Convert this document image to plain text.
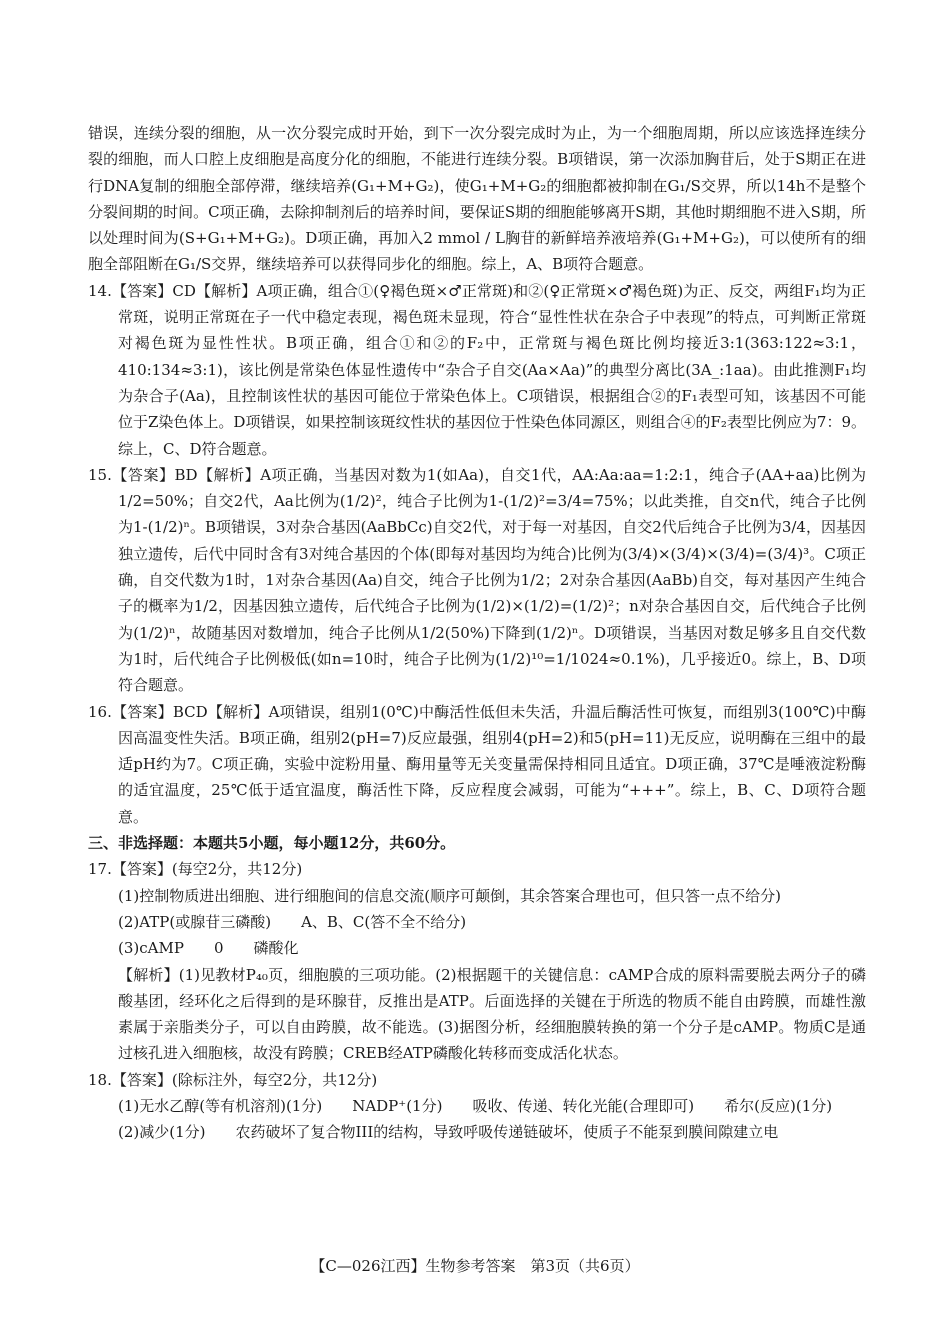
错误，连续分裂的细胞，从一次分裂完成时开始，到下一次分裂完成时为止，为一个细胞周期，所以应该选择连续分裂的细胞，而人口腔上皮细胞是高度分化的细胞，不能进行连续分裂。B项错误，第一次添加胸苷后，处于S期正在进行DNA复制的细胞全部停滞，继续培养(G₁+M+G₂)，使G₁+M+G₂的细胞都被抑制在G₁/S交界，所以14h不是整个分裂间期的时间。C项正确，去除抑制剂后的培养时间，要保证S期的细胞能够离开S期，其他时期细胞不进入S期，所以处理时间为(S+G₁+M+G₂)。D项正确，再加入2 mmol / L胸苷的新鲜培养液培养(G₁+M+G₂)，可以使所有的细胞全部阻断在G₁/S交界，继续培养可以获得同步化的细胞。综上，A、B项符合题意。

14.【答案】CD【解析】A项正确，组合①(♀褐色斑×♂正常斑)和②(♀正常斑×♂褐色斑)为正、反交，两组F₁均为正常斑，说明正常斑在子一代中稳定表现，褐色斑未显现，符合“显性性状在杂合子中表现”的特点，可判断正常斑对褐色斑为显性性状。B项正确，组合①和②的F₂中，正常斑与褐色斑比例均接近3:1(363:122≈3:1，410:134≈3:1)，该比例是常染色体显性遗传中“杂合子自交(Aa×Aa)”的典型分离比(3A_:1aa)。由此推测F₁均为杂合子(Aa)，且控制该性状的基因可能位于常染色体上。C项错误，根据组合②的F₁表型可知，该基因不可能位于Z染色体上。D项错误，如果控制该斑纹性状的基因位于性染色体同源区，则组合④的F₂表型比例应为7：9。综上，C、D符合题意。

15.【答案】BD【解析】A项正确，当基因对数为1(如Aa)，自交1代，AA:Aa:aa=1:2:1，纯合子(AA+aa)比例为1/2=50%；自交2代，Aa比例为(1/2)²，纯合子比例为1-(1/2)²=3/4=75%；以此类推，自交n代，纯合子比例为1-(1/2)ⁿ。B项错误，3对杂合基因(AaBbCc)自交2代，对于每一对基因，自交2代后纯合子比例为3/4，因基因独立遗传，后代中同时含有3对纯合基因的个体(即每对基因均为纯合)比例为(3/4)×(3/4)×(3/4)=(3/4)³。C项正确，自交代数为1时，1对杂合基因(Aa)自交，纯合子比例为1/2；2对杂合基因(AaBb)自交，每对基因产生纯合子的概率为1/2，因基因独立遗传，后代纯合子比例为(1/2)×(1/2)=(1/2)²；n对杂合基因自交，后代纯合子比例为(1/2)ⁿ，故随基因对数增加，纯合子比例从1/2(50%)下降到(1/2)ⁿ。D项错误，当基因对数足够多且自交代数为1时，后代纯合子比例极低(如n=10时，纯合子比例为(1/2)¹⁰=1/1024≈0.1%)，几乎接近0。综上，B、D项符合题意。

16.【答案】BCD【解析】A项错误，组别1(0℃)中酶活性低但未失活，升温后酶活性可恢复，而组别3(100℃)中酶因高温变性失活。B项正确，组别2(pH=7)反应最强，组别4(pH=2)和5(pH=11)无反应，说明酶在三组中的最适pH约为7。C项正确，实验中淀粉用量、酶用量等无关变量需保持相同且适宜。D项正确，37℃是唾液淀粉酶的适宜温度，25℃低于适宜温度，酶活性下降，反应程度会减弱，可能为“+++”。综上，B、C、D项符合题意。

三、非选择题：本题共5小题，每小题12分，共60分。

17.【答案】(每空2分，共12分)

(1)控制物质进出细胞、进行细胞间的信息交流(顺序可颠倒，其余答案合理也可，但只答一点不给分)

(2)ATP(或腺苷三磷酸) A、B、C(答不全不给分)

(3)cAMP 0 磷酸化

【解析】(1)见教材P₄₀页，细胞膜的三项功能。(2)根据题干的关键信息：cAMP合成的原料需要脱去两分子的磷酸基团，经环化之后得到的是环腺苷，反推出是ATP。后面选择的关键在于所选的物质不能自由跨膜，而雄性激素属于亲脂类分子，可以自由跨膜，故不能选。(3)据图分析，经细胞膜转换的第一个分子是cAMP。物质C是通过核孔进入细胞核，故没有跨膜；CREB经ATP磷酸化转移而变成活化状态。

18.【答案】(除标注外，每空2分，共12分)

(1)无水乙醇(等有机溶剂)(1分) NADP⁺(1分) 吸收、传递、转化光能(合理即可) 希尔(反应)(1分)

(2)减少(1分) 农药破坏了复合物III的结构，导致呼吸传递链破坏，使质子不能泵到膜间隙建立电

【C—026江西】生物参考答案　第3页（共6页）
